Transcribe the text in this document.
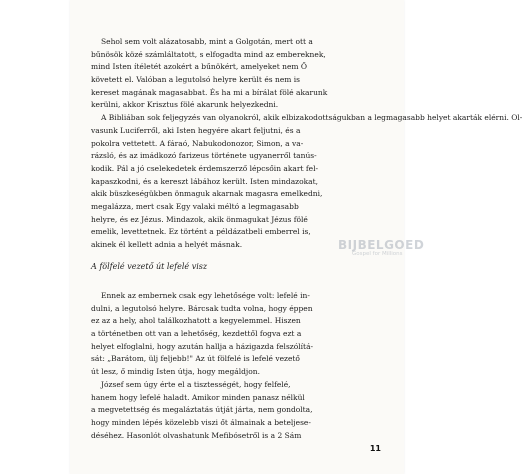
Sehol sem volt alázatosabb, mint a Golgotán, mert ott a
bűnösök közé számláltatott, s elfogadta mind az embereknek,
mind Isten ítéletét azokért a bűnökért, amelyeket nem Ő
követett el. Valóban a legutolsó helyre került és nem is
kereset magának magasabbat. És ha mi a bírálat fölé akarunk
kerülni, akkor Krisztus fölé akarunk helyezkedni.
A Bibliában sok feljegyzés van olyanokról, akik elbizakodottságukban a legmagasabb helyet akarták elérni. Ol-
vasunk Luciferről, aki Isten hegyére akart feljutni, és a
pokolra vettetett. A fáraó, Nabukodonozor, Simon, a va-
rázsló, és az imádkozó farizeus története ugyanerről tanús-
kodik. Pál a jó cselekedetek érdemszerző lépcsőin akart fel-
kapaszkodni, és a kereszt lábához került. Isten mindazokat,
akik büszkeségükben önmaguk akarnak magasra emelkedni,
megalázza, mert csak Egy valaki méltó a legmagasabb
helyre, és ez Jézus. Mindazok, akik önmagukat Jézus fölé
emelik, levettetnek. Ez történt a példázatbeli emberrel is,
akinek él kellett adnia a helyét másnak.	BIJBELGOED
Gospel for Millions
A fölfelé vezető út lefelé visz
Ennek az embernek csak egy lehetősége volt: lefelé in-
dulni, a legutolsó helyre. Bárcsak tudta volna, hogy éppen
ez az a hely, ahol találkozhatott a kegyelemmel. Hiszen
a történetben ott van a lehetőség, kezdettől fogva ezt a
helyet elfoglalni, hogy azután hallja a házigazda felszólítá-
sát: „Barátom, ülj feljebb!" Az út fölfelé is lefelé vezető
út lesz, ő mindig Isten útja, hogy megáldjon.
József sem úgy érte el a tisztességét, hogy felfelé,
hanem hogy lefelé haladt. Amikor minden panasz nélkül
a megvetettség és megaláztatás útját járta, nem gondolta,
hogy minden lépés közelebb viszi őt álmainak a beteljese-
déséhez. Hasonlót olvashatunk Mefibósetről is a 2 Sám
11
